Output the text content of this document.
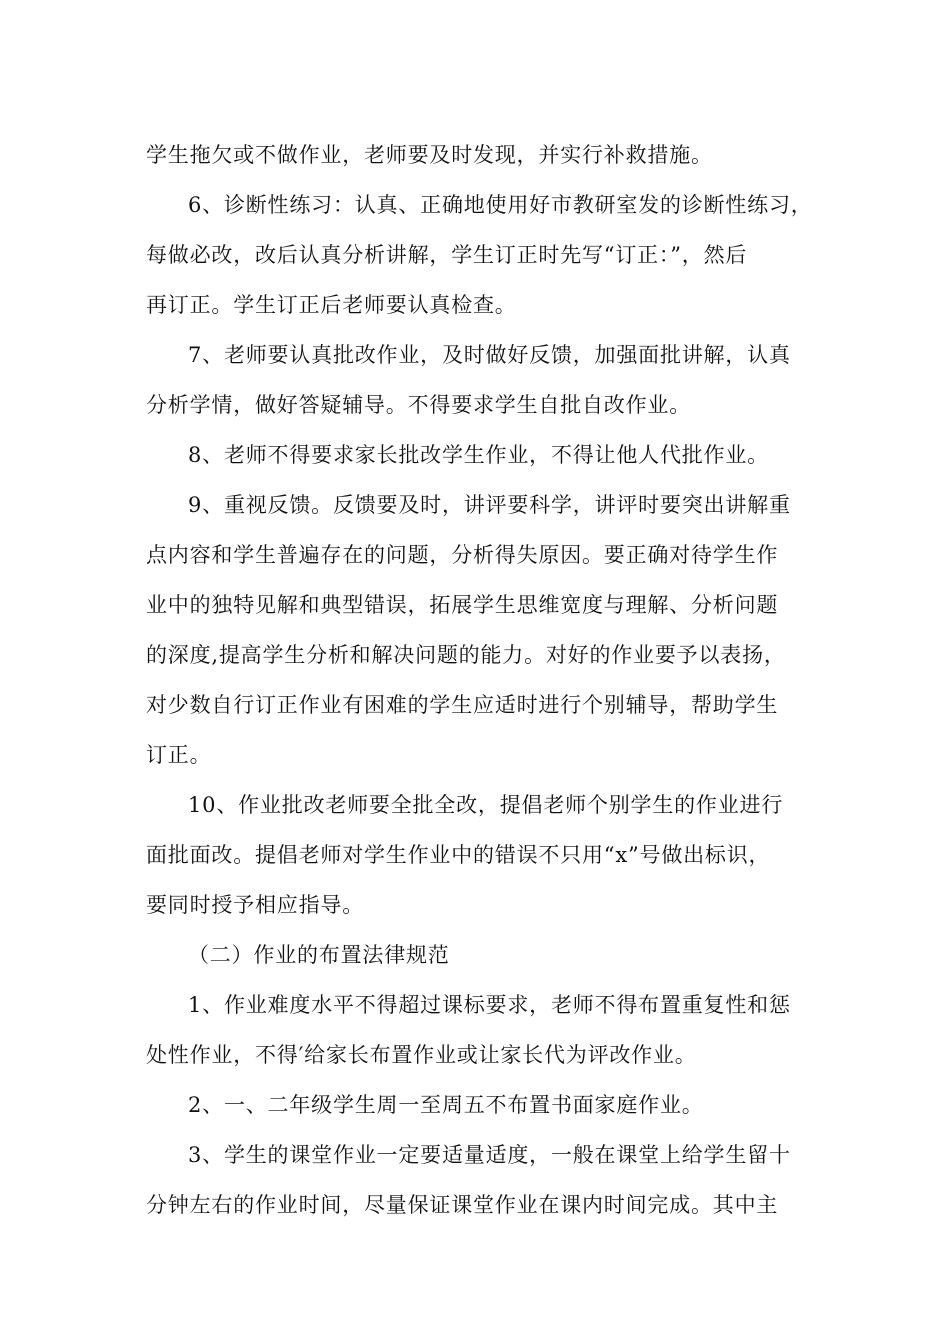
学生拖欠或不做作业，老师要及时发现，并实行补救措施。
6、诊断性练习：认真、正确地使用好市教研室发的诊断性练习，
每做必改，改后认真分析讲解，学生订正时先写“订正：”，然后
再订正。学生订正后老师要认真检查。
7、老师要认真批改作业，及时做好反馈，加强面批讲解，认真
分析学情，做好答疑辅导。不得要求学生自批自改作业。
8、老师不得要求家长批改学生作业，不得让他人代批作业。
9、重视反馈。反馈要及时，讲评要科学，讲评时要突出讲解重
点内容和学生普遍存在的问题，分析得失原因。要正确对待学生作
业中的独特见解和典型错误，拓展学生思维宽度与理解、分析问题
的深度,提高学生分析和解决问题的能力。对好的作业要予以表扬，
对少数自行订正作业有困难的学生应适时进行个别辅导，帮助学生
订正。
10、作业批改老师要全批全改，提倡老师个别学生的作业进行
面批面改。提倡老师对学生作业中的错误不只用“x”号做出标识，
要同时授予相应指导。
（二）作业的布置法律规范
1、作业难度水平不得超过课标要求，老师不得布置重复性和惩
处性作业，不得′给家长布置作业或让家长代为评改作业。
2、一、二年级学生周一至周五不布置书面家庭作业。
3、学生的课堂作业一定要适量适度，一般在课堂上给学生留十
分钟左右的作业时间，尽量保证课堂作业在课内时间完成。其中主
